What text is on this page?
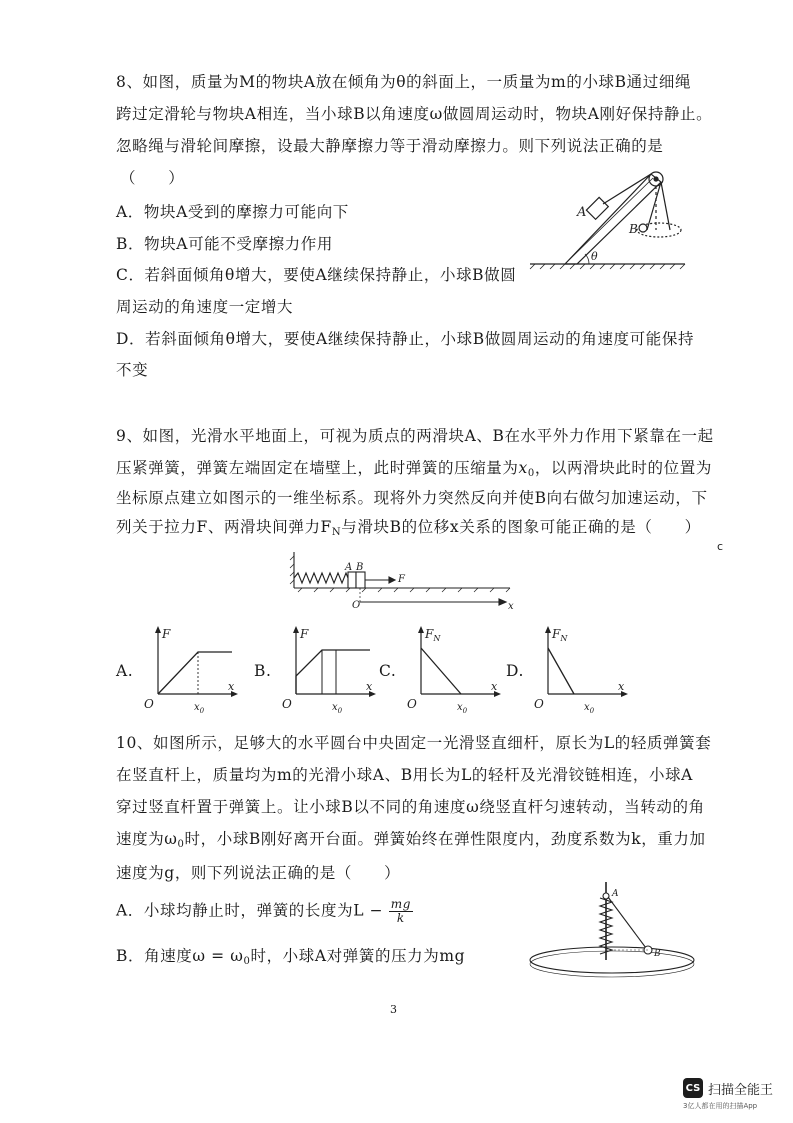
8、如图，质量为M的物块A放在倾角为θ的斜面上，一质量为m的小球B通过细绳
跨过定滑轮与物块A相连，当小球B以角速度ω做圆周运动时，物块A刚好保持静止。
忽略绳与滑轮间摩擦，设最大静摩擦力等于滑动摩擦力。则下列说法正确的是
（　　）
A．物块A受到的摩擦力可能向下
B．物块A可能不受摩擦力作用
C．若斜面倾角θ增大，要使A继续保持静止，小球B做圆
周运动的角速度一定增大
D．若斜面倾角θ增大，要使A继续保持静止，小球B做圆周运动的角速度可能保持
不变
A
B
θ
9、如图，光滑水平地面上，可视为质点的两滑块A、B在水平外力作用下紧靠在一起
压紧弹簧，弹簧左端固定在墙壁上，此时弹簧的压缩量为$x_0$，以两滑块此时的位置为
坐标原点建立如图示的一维坐标系。现将外力突然反向并使B向右做匀加速运动，下
列关于拉力F、两滑块间弹力$F_N$与滑块B的位移x关系的图象可能正确的是（　　）
c
A B
F
O	x
A.
F
O
x
$x_0$
B.
F
O
x
$x_0$
C.
$F_N$
O
x
$x_0$
D.
$F_N$
O
x
$x_0$
10、如图所示，足够大的水平圆台中央固定一光滑竖直细杆，原长为L的轻质弹簧套
在竖直杆上，质量均为m的光滑小球A、B用长为L的轻杆及光滑铰链相连，小球A
穿过竖直杆置于弹簧上。让小球B以不同的角速度ω绕竖直杆匀速转动，当转动的角
速度为$\omega_0$时，小球B刚好离开台面。弹簧始终在弹性限度内，劲度系数为k，重力加
速度为g，则下列说法正确的是（　　）
A．小球均静止时，弹簧的长度为$L - \frac{mg}{k}$
B．角速度$\omega = \omega_0$时，小球A对弹簧的压力为mg
A
B
3
CS 扫描全能王
3亿人都在用的扫描App
